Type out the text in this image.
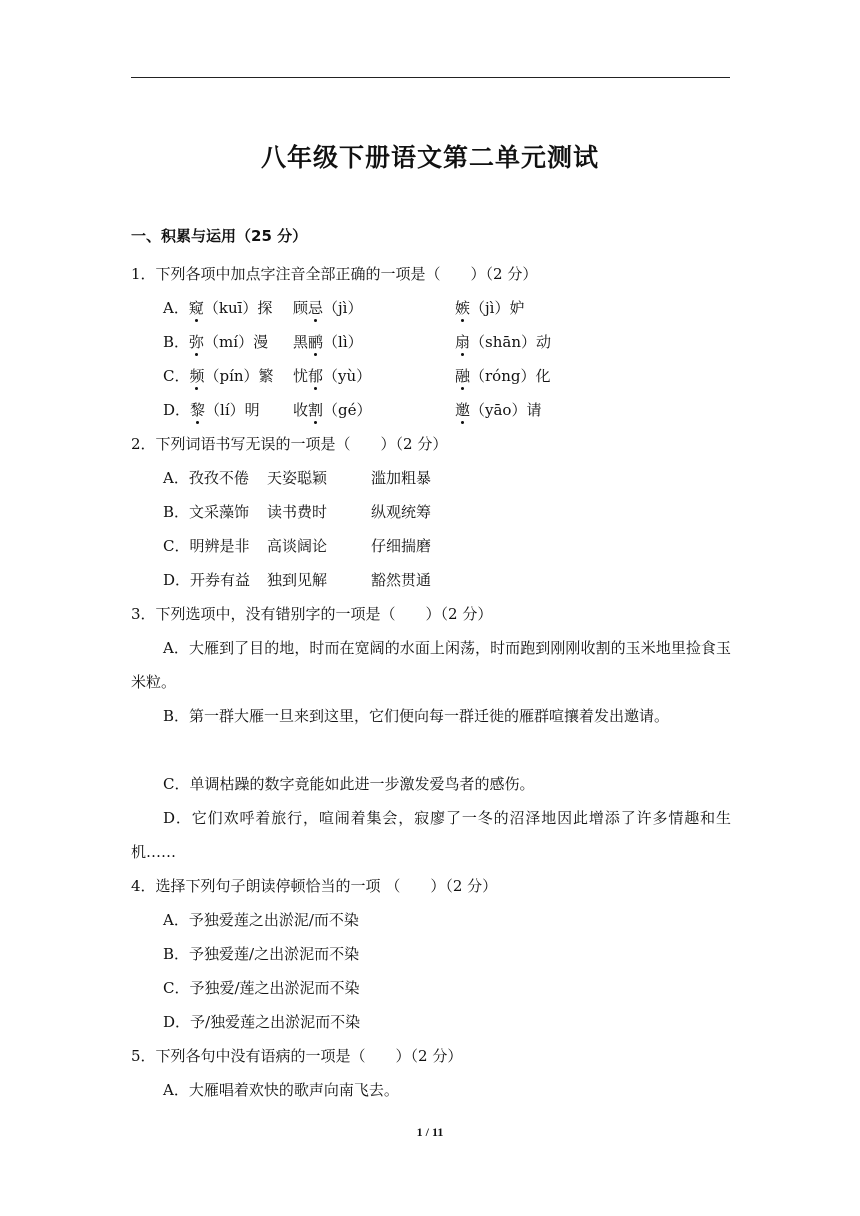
八年级下册语文第二单元测试
一、积累与运用（25 分）
1．下列各项中加点字注音全部正确的一项是（　　）（2 分）
A．窥（kuī）探	顾忌（jì）	嫉（jì）妒
B．弥（mí）漫	黑鹂（lì）	扇（shān）动
C．频（pín）繁	忧郁（yù）	融（róng）化
D．黎（lí）明	收割（gé）	邀（yāo）请
2．下列词语书写无误的一项是（　　）（2 分）
A．孜孜不倦	天姿聪颖	滥加粗暴
B．文采藻饰	读书费时	纵观统筹
C．明辨是非	高谈阔论	仔细揣磨
D．开券有益	独到见解	豁然贯通
3．下列选项中，没有错别字的一项是（　　）（2 分）
A．大雁到了目的地，时而在宽阔的水面上闲荡，时而跑到刚刚收割的玉米地里捡食玉米粒。
B．第一群大雁一旦来到这里，它们便向每一群迁徙的雁群喧攘着发出邀请。
C．单调枯躁的数字竟能如此进一步激发爱鸟者的感伤。
D．它们欢呼着旅行，喧闹着集会，寂廖了一冬的沼泽地因此增添了许多情趣和生机……
4．选择下列句子朗读停顿恰当的一项 （　　）（2 分）
A．予独爱莲之出淤泥/而不染
B．予独爱莲/之出淤泥而不染
C．予独爱/莲之出淤泥而不染
D．予/独爱莲之出淤泥而不染
5．下列各句中没有语病的一项是（　　）（2 分）
A．大雁唱着欢快的歌声向南飞去。
1 / 11
